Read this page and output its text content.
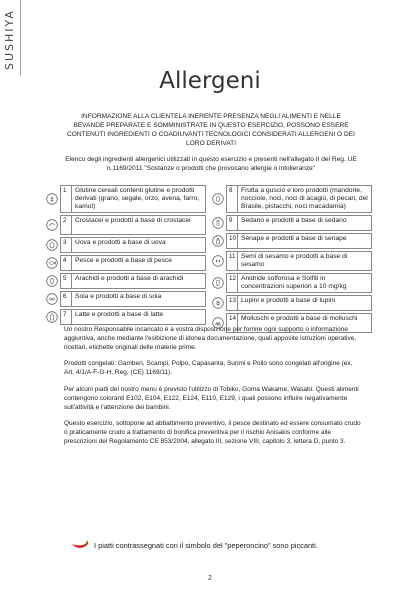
SUSHIYA
Allergeni
INFORMAZIONE ALLA CLIENTELA INERENTE PRESENZA NEGLI ALIMENTI E NELLE BEVANDE PREPARATE E SOMMINISTRATE IN QUESTO ESERCIZIO, POSSONO ESSERE CONTENUTI INGREDIENTI O COADIUVANTI TECNOLOGICI CONSIDERATI ALLERGENI O DEI LORO DERIVATI
Elenco degli ingredienti allergenici utilizzati in questo esercizio e presenti nell'allegato II del Reg. UE n.1169/2011 "Sostanze o prodotti che provocano allergie o intolleranze"
1	Glutine cereali contenti glutine e prodotti derivati (grano, segale, orzo, avena, farro, kamut)
2	Crostacei e prodotti a base di crostacei
3	Uova e prodotti a base di uova
4	Pesce e prodotti a base di pesce
5	Arachidi e prodotti a base di arachidi
6	Soia e prodotti a base di soia
7	Latte e prodotti a base di latte
8	Frutta a guscio e loro prodotti (mandorle, nocciole, noci, noci di acagiù, di pecan, del Brasile, pistacchi, noci macadamia)
9	Sedano e prodotti a base di sedano
10 Senape e prodotti a base di senape
11 Semi di sesamo e prodotti a base di sesamo
12 Anidride solforosa e Solfiti in concentrazioni superiori a 10 mg/kg
13 Lupini e prodotti a base di lupini
14 Molluschi e prodotti a base di molluschi

Un nostro Responsabile incaricato è a vostra disposizione per fornire ogni supporto o informazione aggiuntiva, anche mediante l'esibizione di idonea documentazione, quali apposite istruzioni operative, ricettari, etichette originali delle materie prime.

Prodotti congelati: Gamberi, Scampi, Polpo, Capasanta, Surimi e Pollo sono congelati all'origine (ex, Art, 4/1/A-F-G-H, Reg, (CE) 1169/11).

Per alcuni piatti del nostro menu è previsto l'utilizzo di Tobiko, Goma Wakame, Wasabi. Questi alimenti contengono coloranti E102, E104, E122, E124, E110, E129, i quali possono influire negativamente sull'attività e l'attenzione dei bambini.

Questo esercizio, sottopone ad abbattimento preventivo, il pesce destinato ed essere consumato crudo o praticamente crudo a trattamento di bonifica preventiva per il rischio Anisakis conforme alle prescrizioni del Regolamento CE 853/2004, allegato III, sezione VIII, capitolo 3, lettera D, punto 3.

I piatti contrassegnati con il simbolo del "peperoncino" sono piccanti.
2
